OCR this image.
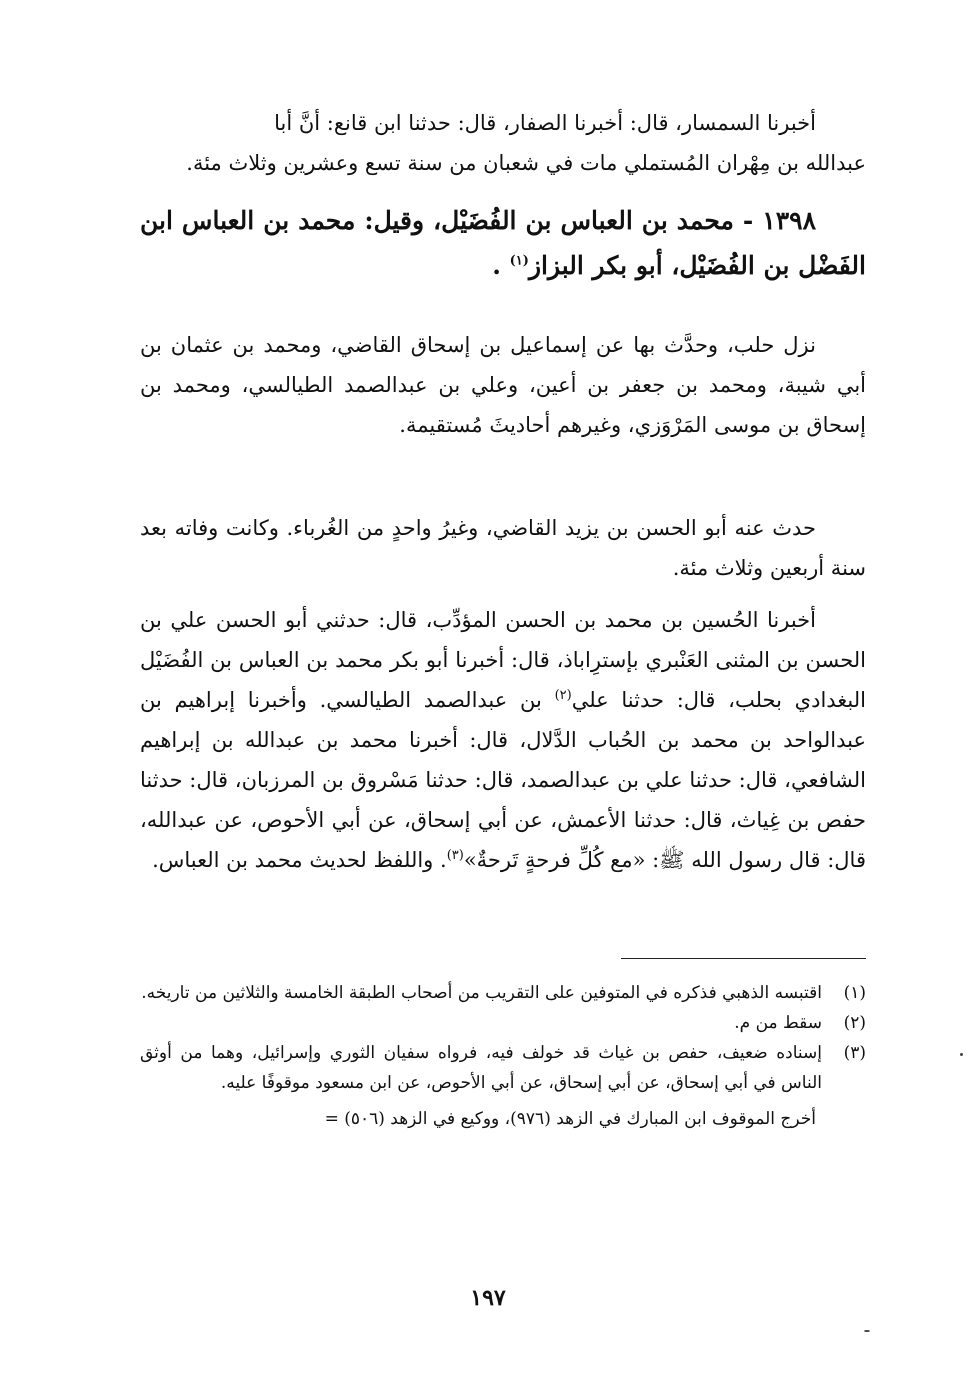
أخبرنا السمسار، قال: أخبرنا الصفار، قال: حدثنا ابن قانع: أنَّ أبا
عبدالله بن مِهْران المُستملي مات في شعبان من سنة تسع وعشرين وثلاث مئة.
١٣٩٨ - محمد بن العباس بن الفُضَيْل، وقيل: محمد بن العباس ابن الفَضْل بن الفُضَيْل، أبو بكر البزاز$^{(١)}$ .
نزل حلب، وحدَّث بها عن إسماعيل بن إسحاق القاضي، ومحمد بن عثمان بن أبي شيبة، ومحمد بن جعفر بن أعين، وعلي بن عبدالصمد الطيالسي، ومحمد بن إسحاق بن موسى المَرْوَزي، وغيرهم أحاديثَ مُستقيمة.
حدث عنه أبو الحسن بن يزيد القاضي، وغيرُ واحدٍ من الغُرباء. وكانت وفاته بعد سنة أربعين وثلاث مئة.
أخبرنا الحُسين بن محمد بن الحسن المؤدِّب، قال: حدثني أبو الحسن علي بن الحسن بن المثنى العَنْبري بإسترِاباذ، قال: أخبرنا أبو بكر محمد بن العباس بن الفُضَيْل البغدادي بحلب، قال: حدثنا علي$^{(٢)}$ بن عبدالصمد الطيالسي. وأخبرنا إبراهيم بن عبدالواحد بن محمد بن الحُباب الدَّلال، قال: أخبرنا محمد بن عبدالله بن إبراهيم الشافعي، قال: حدثنا علي بن عبدالصمد، قال: حدثنا مَسْروق بن المرزبان، قال: حدثنا حفص بن غِياث، قال: حدثنا الأعمش، عن أبي إسحاق، عن أبي الأحوص، عن عبدالله، قال: قال رسول الله ﷺ: «مع كُلِّ فرحةٍ تَرحةٌ»$^{(٣)}$. واللفظ لحديث محمد بن العباس.
(١)
اقتبسه الذهبي فذكره في المتوفين على التقريب من أصحاب الطبقة الخامسة والثلاثين من تاريخه.
(٢)
سقط من م.
(٣)
إسناده ضعيف، حفص بن غياث قد خولف فيه، فرواه سفيان الثوري وإسرائيل، وهما من أوثق الناس في أبي إسحاق، عن أبي إسحاق، عن أبي الأحوص، عن ابن مسعود موقوفًا عليه.
أخرج الموقوف ابن المبارك في الزهد (٩٧٦)، ووكيع في الزهد (٥٠٦) =
١٩٧
